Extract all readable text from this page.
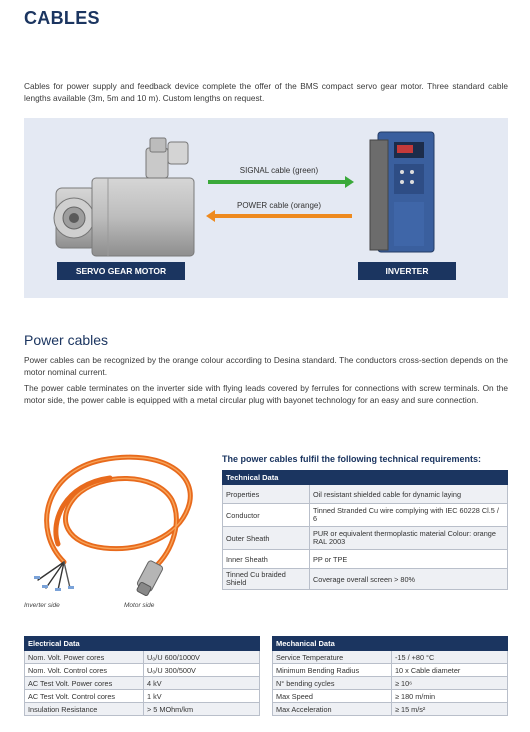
CABLES
Cables for power supply and feedback device complete the offer of the BMS compact servo gear motor. Three standard cable lengths available (3m, 5m and 10 m). Custom lengths on request.
SIGNAL cable (green)
POWER cable (orange)
SERVO GEAR MOTOR	INVERTER
Power cables
Power cables can be recognized by the orange colour according to Desina standard. The conductors cross-section depends on the motor nominal current.
The power cable terminates on the inverter side with flying leads covered by ferrules for connections with screw terminals. On the motor side, the power cable is equipped with a metal circular plug with bayonet technology for an easy and sure connection.
Inverter side	Motor side
The power cables fulfil the following technical requirements:
Technical Data	
Properties	Oil resistant shielded cable for dynamic laying
Conductor	Tinned Stranded Cu wire complying with IEC 60228 Cl.5 / 6
Outer Sheath	PUR or equivalent thermoplastic material Colour: orange RAL 2003
Inner Sheath	PP or TPE
Tinned Cu braided Shield	Coverage overall screen > 80%
Electrical Data	
Nom. Volt. Power cores	U₀/U 600/1000V
Nom. Volt. Control cores	U₀/U 300/500V
AC Test Volt. Power cores	4 kV
AC Test Volt. Control cores	1 kV
Insulation Resistance	> 5 MOhm/km
Mechanical Data	
Service Temperature	-15 / +80 °C
Minimum Bending Radius	10 x Cable diameter
N° bending cycles	≥ 10⁶
Max Speed	≥ 180 m/min
Max Acceleration	≥ 15 m/s²
